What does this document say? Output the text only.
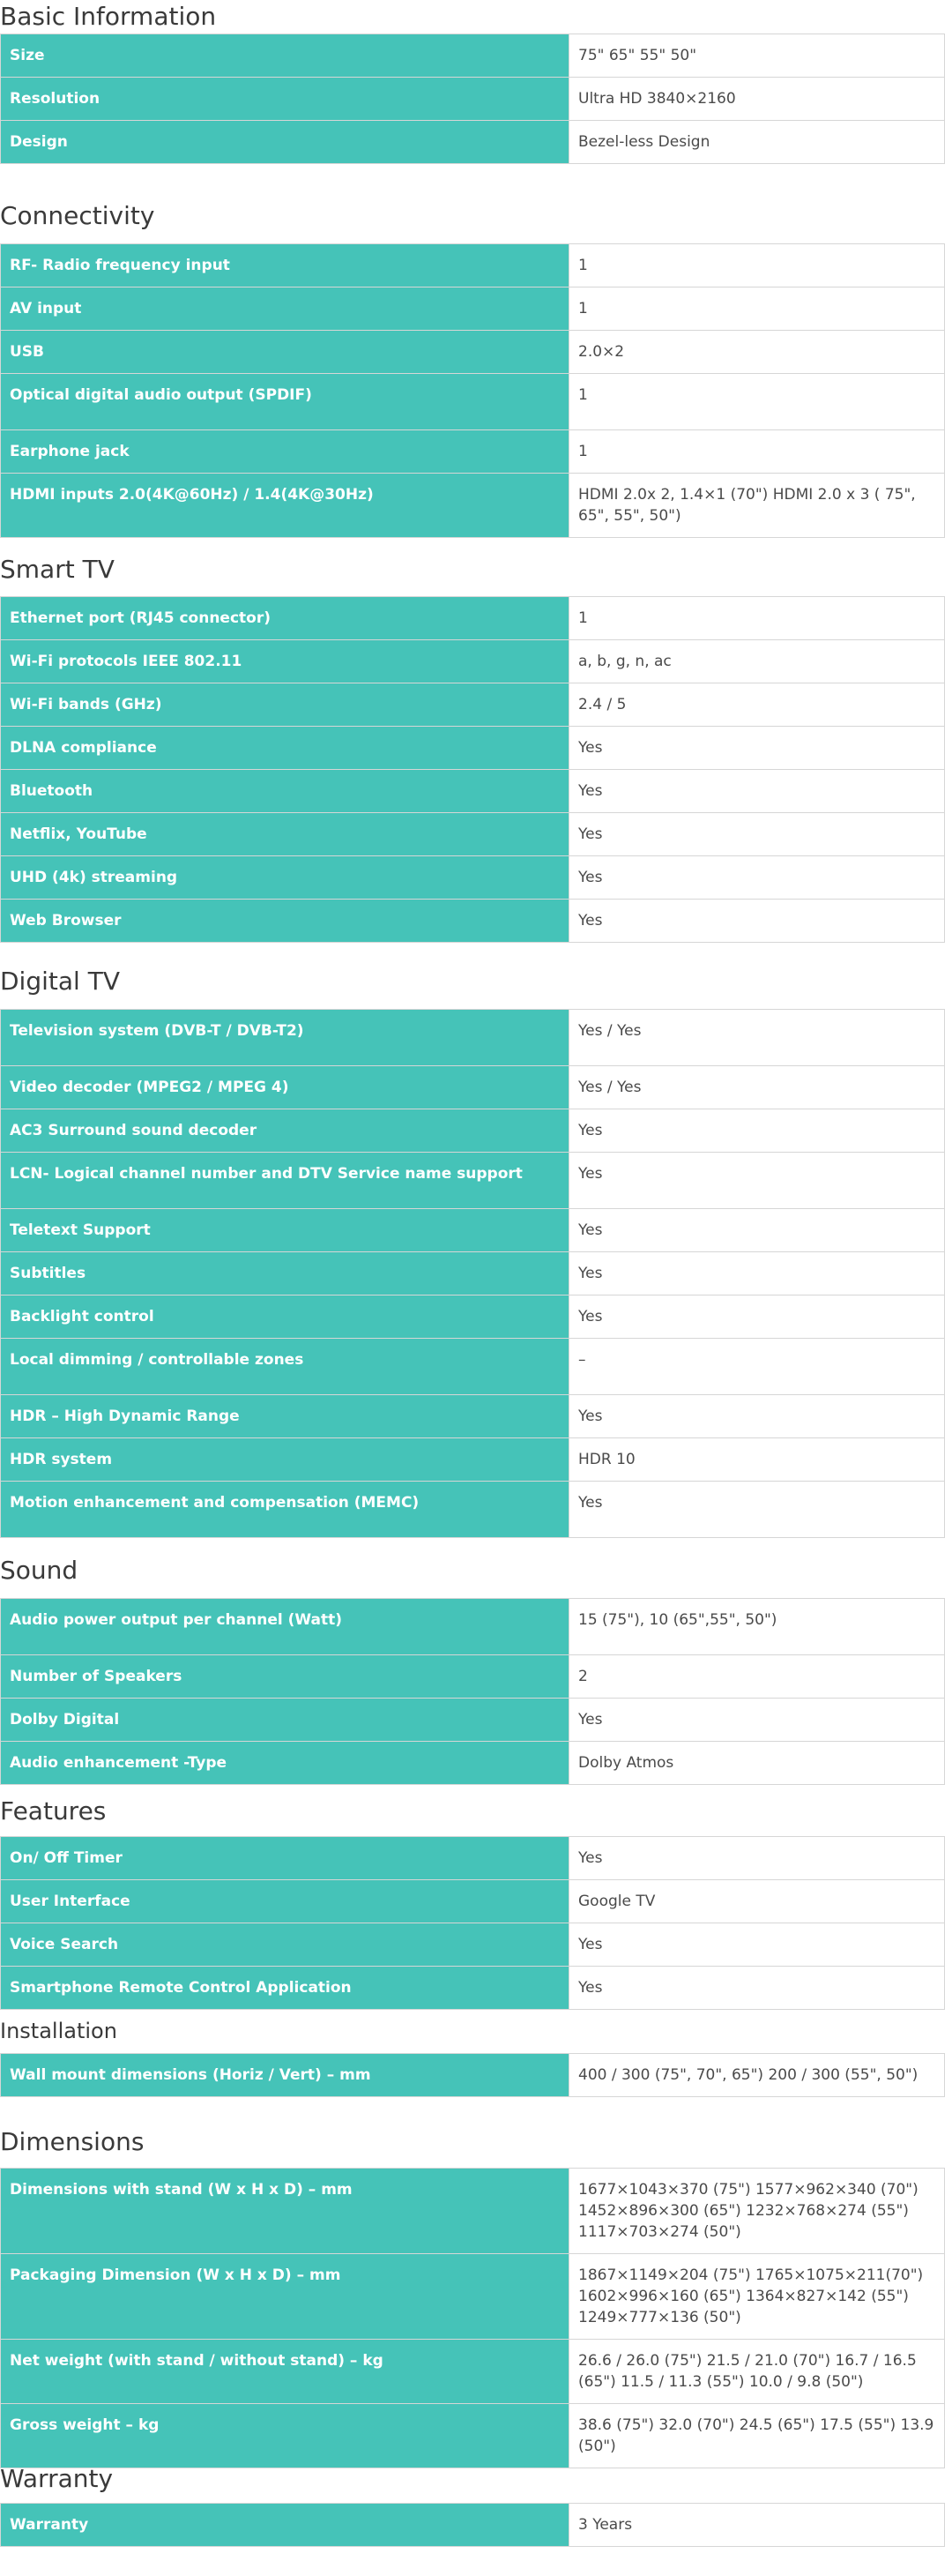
Basic Information
Size	75" 65" 55" 50"
Resolution	Ultra HD 3840×2160
Design	Bezel-less Design
Connectivity
RF- Radio frequency input	1
AV input	1
USB	2.0×2
Optical digital audio output (SPDIF)	1
Earphone jack	1
HDMI inputs 2.0(4K@60Hz) / 1.4(4K@30Hz)	HDMI 2.0x 2, 1.4×1 (70") HDMI 2.0 x 3 ( 75", 65", 55", 50")
Smart TV
Ethernet port (RJ45 connector)	1
Wi-Fi protocols IEEE 802.11	a, b, g, n, ac
Wi-Fi bands (GHz)	2.4 / 5
DLNA compliance	Yes
Bluetooth	Yes
Netflix, YouTube	Yes
UHD (4k) streaming	Yes
Web Browser	Yes
Digital TV
Television system (DVB-T / DVB-T2)	Yes / Yes
Video decoder (MPEG2 / MPEG 4)	Yes / Yes
AC3 Surround sound decoder	Yes
LCN- Logical channel number and DTV Service name support	Yes
Teletext Support	Yes
Subtitles	Yes
Backlight control	Yes
Local dimming / controllable zones	–
HDR – High Dynamic Range	Yes
HDR system	HDR 10
Motion enhancement and compensation (MEMC)	Yes
Sound
Audio power output per channel (Watt)	15 (75"), 10 (65",55", 50")
Number of Speakers	2
Dolby Digital	Yes
Audio enhancement -Type	Dolby Atmos
Features
On/ Off Timer	Yes
User Interface	Google TV
Voice Search	Yes
Smartphone Remote Control Application	Yes
Installation
Wall mount dimensions (Horiz / Vert) – mm	400 / 300 (75", 70", 65") 200 / 300 (55", 50")
Dimensions
Dimensions with stand (W x H x D) – mm	1677×1043×370 (75") 1577×962×340 (70") 1452×896×300 (65") 1232×768×274 (55") 1117×703×274 (50")
Packaging Dimension (W x H x D) – mm	1867×1149×204 (75") 1765×1075×211(70") 1602×996×160 (65") 1364×827×142 (55") 1249×777×136 (50")
Net weight (with stand / without stand) – kg	26.6 / 26.0 (75") 21.5 / 21.0 (70") 16.7 / 16.5 (65") 11.5 / 11.3 (55") 10.0 / 9.8 (50")
Gross weight – kg	38.6 (75") 32.0 (70") 24.5 (65") 17.5 (55") 13.9 (50")
Warranty
Warranty	3 Years
